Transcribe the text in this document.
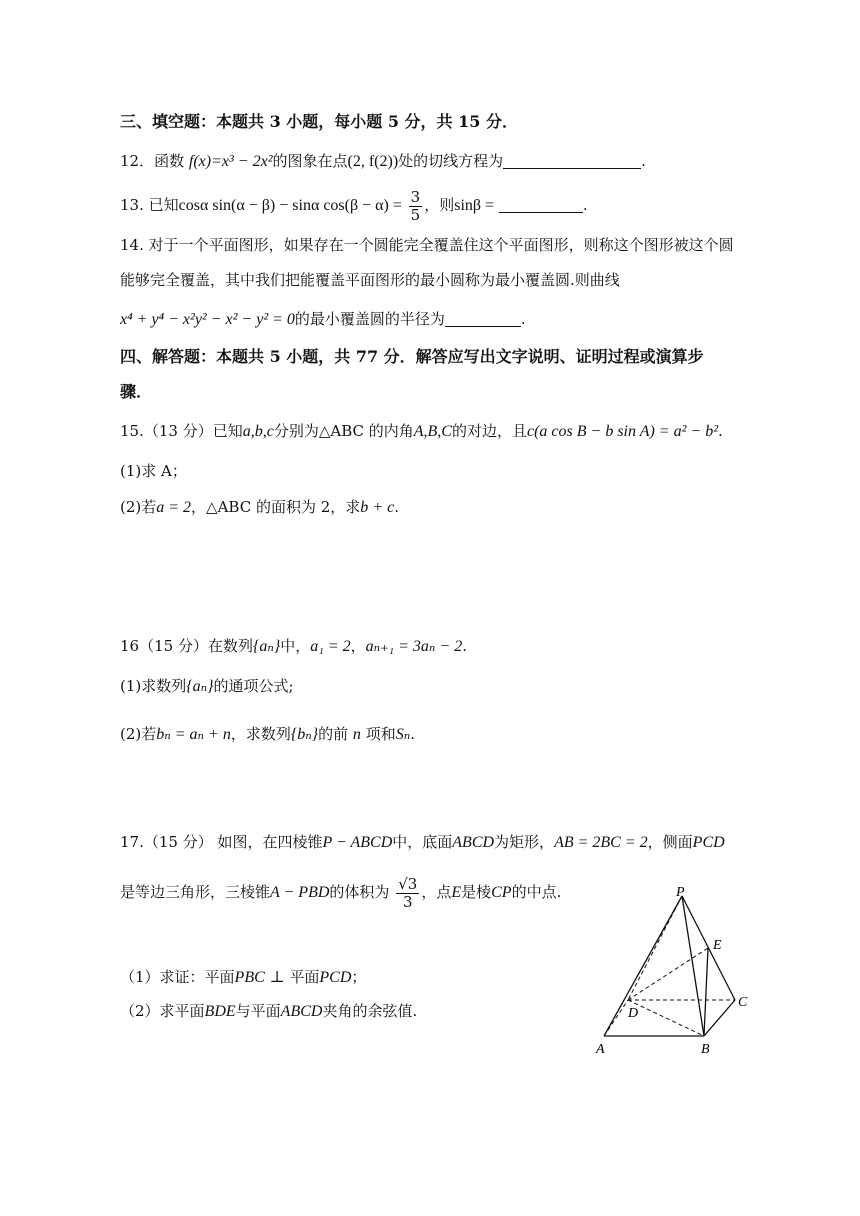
三、填空题：本题共 3 小题，每小题 5 分，共 15 分．
12．函数 f(x)=x³ − 2x²的图象在点(2, f(2))处的切线方程为	.
13. 已知cosα sin(α − β) − sinα $\cos(\beta - \alpha) = \frac{3}{5}$ ，则sinβ =	.
14. 对于一个平面图形，如果存在一个圆能完全覆盖住这个平面图形，则称这个图形被这个圆
能够完全覆盖，其中我们把能覆盖平面图形的最小圆称为最小覆盖圆.则曲线
x⁴ + y⁴ − x²y² − x² − y² = 0的最小覆盖圆的半径为	.
四、解答题：本题共 5 小题，共 77 分．解答应写出文字说明、证明过程或演算步
骤．
15.（13 分）已知a,b,c分别为△ABC 的内角A,B,C的对边，且c(a cos B − b sin A) = a² − b².
(1)求 A；
(2)若a = 2，△ABC 的面积为 2，求b + c.
16（15 分）在数列{aₙ}中，a₁ = 2，aₙ₊₁ = 3aₙ − 2.
(1)求数列{aₙ}的通项公式;
(2)若bₙ = aₙ + n，求数列{bₙ}的前 n 项和Sₙ.
17.（15 分） 如图，在四棱锥P − ABCD中，底面ABCD为矩形，AB = 2BC = 2，侧面PCD
是等边三角形，三棱锥A − PBD的体积为 $\frac{√3}{3}$ ，点E是棱CP的中点.
（1）求证：平面PBC ⊥ 平面PCD；
（2）求平面BDE与平面ABCD夹角的余弦值.
P
E
C
D
A	B
